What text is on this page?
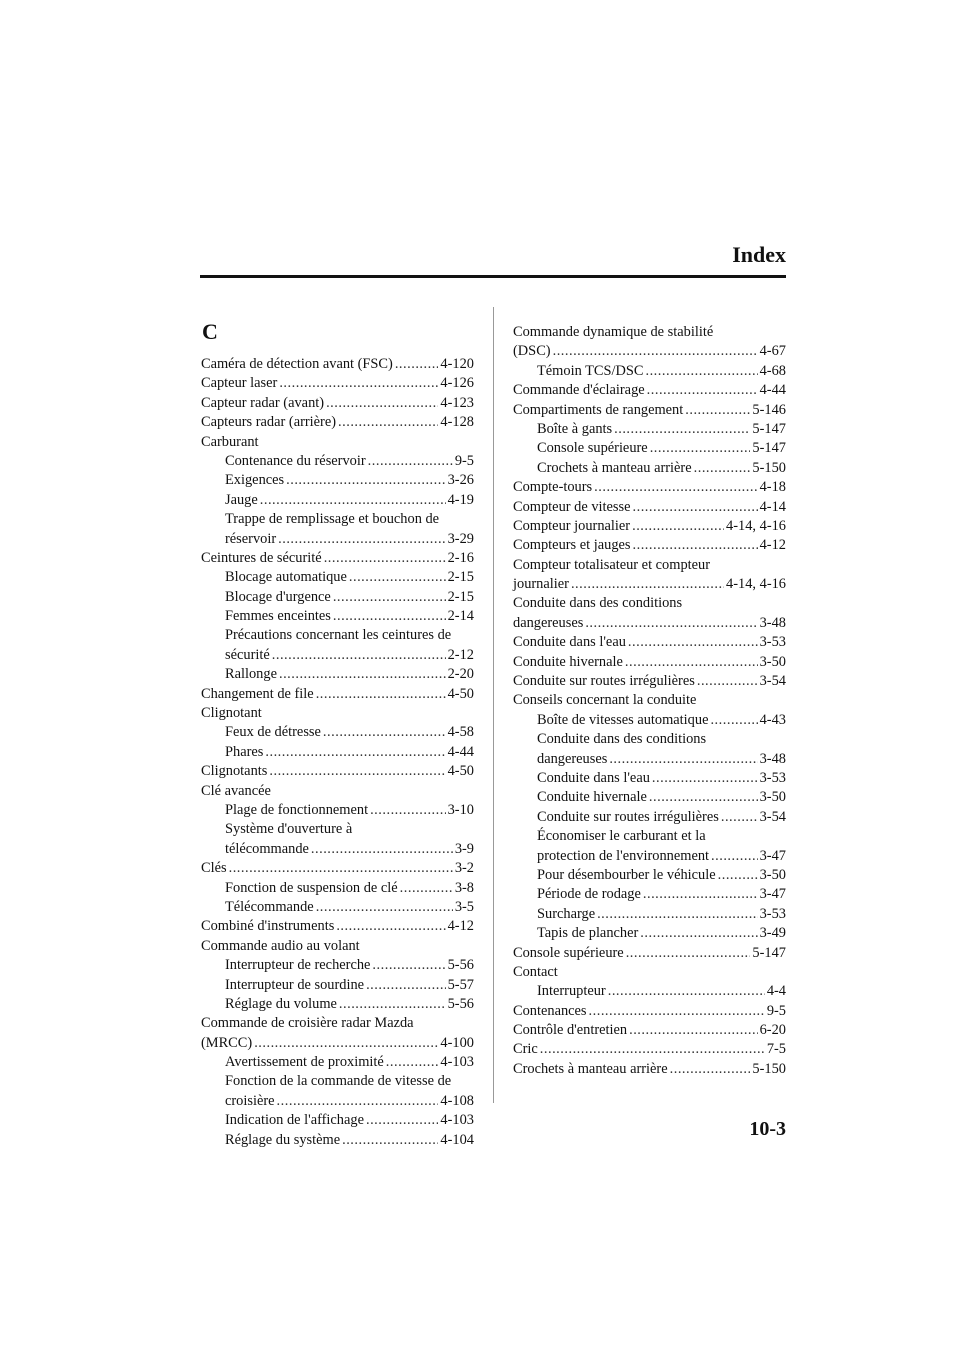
Index
C
Caméra de détection avant (FSC) .....	4-120
Capteur laser .....	4-126
Capteur radar (avant) .....	4-123
Capteurs radar (arrière) .....	4-128
Carburant
Contenance du réservoir .....	9-5
Exigences .....	3-26
Jauge .....	4-19
Trappe de remplissage et bouchon de
réservoir .....	3-29
Ceintures de sécurité .....	2-16
Blocage automatique .....	2-15
Blocage d'urgence .....	2-15
Femmes enceintes .....	2-14
Précautions concernant les ceintures de
sécurité .....	2-12
Rallonge .....	2-20
Changement de file .....	4-50
Clignotant
Feux de détresse .....	4-58
Phares .....	4-44
Clignotants .....	4-50
Clé avancée
Plage de fonctionnement .....	3-10
Système d'ouverture à
télécommande .....	3-9
Clés .....	3-2
Fonction de suspension de clé .....	3-8
Télécommande .....	3-5
Combiné d'instruments .....	4-12
Commande audio au volant
Interrupteur de recherche .....	5-56
Interrupteur de sourdine .....	5-57
Réglage du volume .....	5-56
Commande de croisière radar Mazda
(MRCC) .....	4-100
Avertissement de proximité .....	4-103
Fonction de la commande de vitesse de
croisière .....	4-108
Indication de l'affichage .....	4-103
Réglage du système .....	4-104
Commande dynamique de stabilité
(DSC) .....	4-67
Témoin TCS/DSC .....	4-68
Commande d'éclairage .....	4-44
Compartiments de rangement .....	5-146
Boîte à gants .....	5-147
Console supérieure .....	5-147
Crochets à manteau arrière .....	5-150
Compte-tours .....	4-18
Compteur de vitesse .....	4-14
Compteur journalier .....	4-14, 4-16
Compteurs et jauges .....	4-12
Compteur totalisateur et compteur
journalier .....	4-14, 4-16
Conduite dans des conditions
dangereuses .....	3-48
Conduite dans l'eau .....	3-53
Conduite hivernale .....	3-50
Conduite sur routes irrégulières .....	3-54
Conseils concernant la conduite
Boîte de vitesses automatique .....	4-43
Conduite dans des conditions
dangereuses .....	3-48
Conduite dans l'eau .....	3-53
Conduite hivernale .....	3-50
Conduite sur routes irrégulières .....	3-54
Économiser le carburant et la
protection de l'environnement .....	3-47
Pour désembourber le véhicule .....	3-50
Période de rodage .....	3-47
Surcharge .....	3-53
Tapis de plancher .....	3-49
Console supérieure .....	5-147
Contact
Interrupteur .....	4-4
Contenances .....	9-5
Contrôle d'entretien .....	6-20
Cric .....	7-5
Crochets à manteau arrière .....	5-150
10-3
